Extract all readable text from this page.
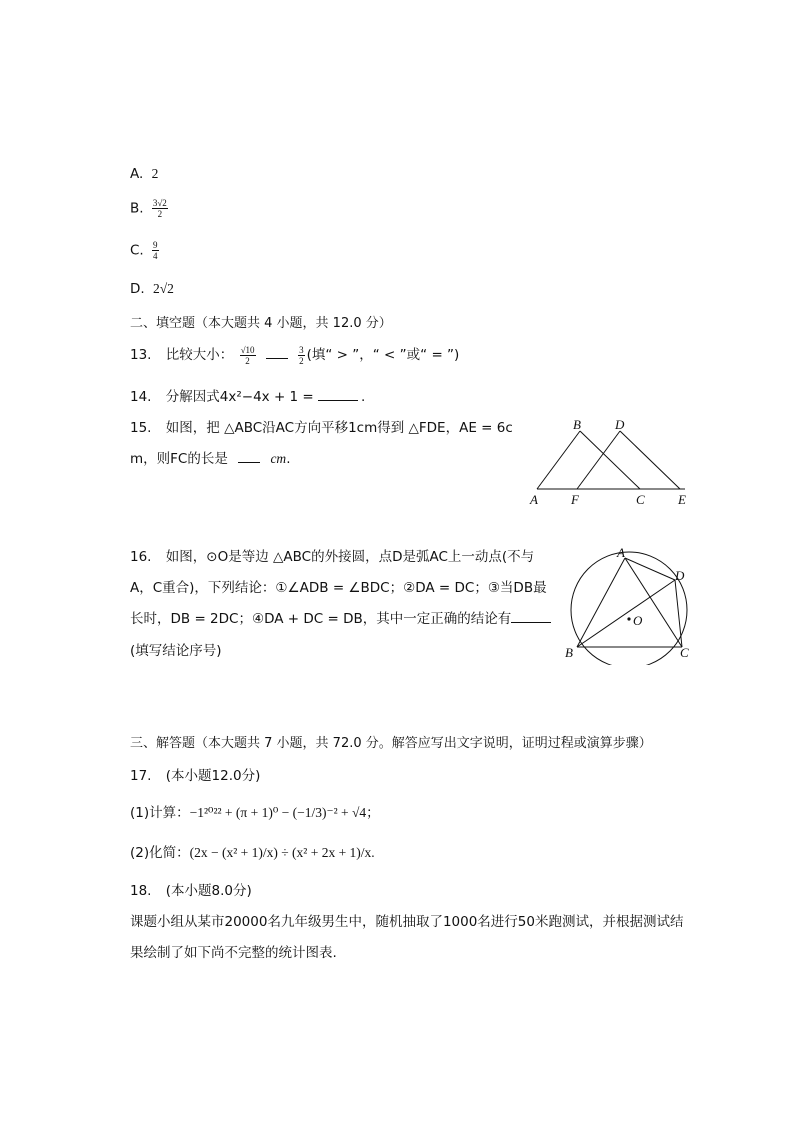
A. 2
B. $\frac{3√2}{2}$
C. $\frac{9}{4}$
D. 2√2
二、填空题（本大题共 4 小题，共 12.0 分）
13. 比较大小： $\frac{√10}{2}$
	$\frac{3}{2}$ (填“ > ”，“ < ”或“ = ”)
14. 分解因式4x²−4x + 1 =	.
15. 如图，把 △ABC沿AC方向平移1cm得到 △FDE，AE = 6c
m，则FC的长是	cm.
B	D
A	F	C	E
16. 如图，⊙O是等边 △ABC的外接圆，点D是弧AC上一动点(不与
A，C重合)，下列结论：①∠ADB = ∠BDC；②DA = DC；③当DB最
长时，DB = 2DC；④DA + DC = DB，其中一定正确的结论有
(填写结论序号)
A
D
O
B	C
三、解答题（本大题共 7 小题，共 72.0 分。解答应写出文字说明，证明过程或演算步骤）
17. (本小题12.0分)
(1)计算：−1²⁰²² + (π + 1)⁰ − (−1/3)⁻² + √4；
(2)化简：(2x − (x² + 1)/x) ÷ (x² + 2x + 1)/x.
18. (本小题8.0分)
课题小组从某市20000名九年级男生中，随机抽取了1000名进行50米跑测试，并根据测试结
果绘制了如下尚不完整的统计图表.
